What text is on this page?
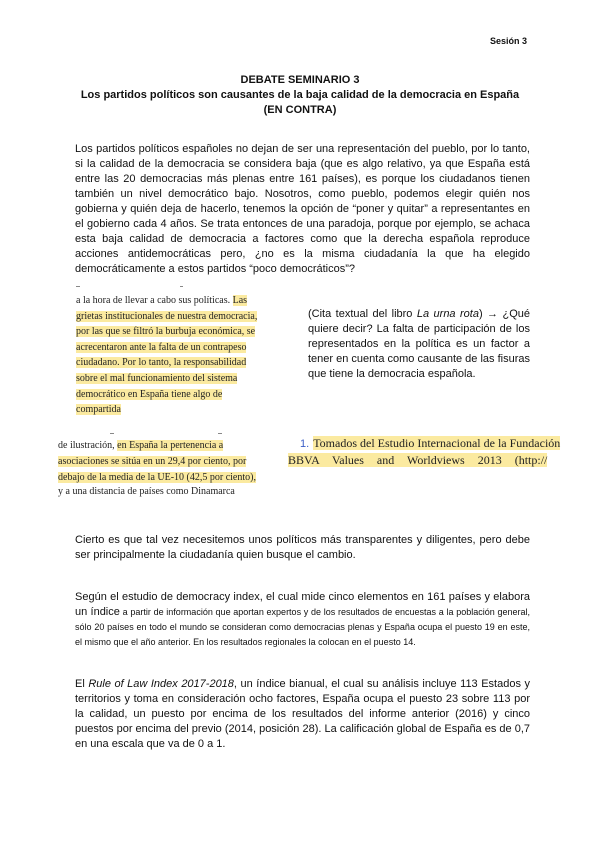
Sesión 3
DEBATE SEMINARIO 3
Los partidos políticos son causantes de la baja calidad de la democracia en España
(EN CONTRA)
Los partidos políticos españoles no dejan de ser una representación del pueblo, por lo tanto, si la calidad de la democracia se considera baja (que es algo relativo, ya que España está entre las 20 democracias más plenas entre 161 países), es porque los ciudadanos tienen también un nivel democrático bajo. Nosotros, como pueblo, podemos elegir quién nos gobierna y quién deja de hacerlo, tenemos la opción de “poner y quitar” a representantes en el gobierno cada 4 años. Se trata entonces de una paradoja, porque por ejemplo, se achaca esta baja calidad de democracia a factores como que la derecha española reproduce acciones antidemocráticas pero, ¿no es la misma ciudadanía la que ha elegido democráticamente a estos partidos “poco democráticos”?
a la hora de llevar a cabo sus políticas. Las
grietas institucionales de nuestra democracia,
por las que se filtró la burbuja económica, se
acrecentaron ante la falta de un contrapeso
ciudadano. Por lo tanto, la responsabilidad
sobre el mal funcionamiento del sistema
democrático en España tiene algo de
compartida
(Cita textual del libro La urna rota) → ¿Qué quiere decir? La falta de participación de los representados en la política es un factor a tener en cuenta como causante de las fisuras que tiene la democracia española.
de ilustración, en España la pertenencia a
asociaciones se sitúa en un 29,4 por ciento, por
debajo de la media de la UE-10 (42,5 por ciento),
y a una distancia de países como Dinamarca
1. Tomados del Estudio Internacional de la Fundación
BBVA Values and Worldviews 2013 (http://
Cierto es que tal vez necesitemos unos políticos más transparentes y diligentes, pero debe ser principalmente la ciudadanía quien busque el cambio.
Según el estudio de democracy index, el cual mide cinco elementos en 161 países y elabora un índice a partir de información que aportan expertos y de los resultados de encuestas a la población general, sólo 20 países en todo el mundo se consideran como democracias plenas y España ocupa el puesto 19 en este, el mismo que el año anterior. En los resultados regionales la colocan en el puesto 14.
El Rule of Law Index 2017-2018, un índice bianual, el cual su análisis incluye 113 Estados y territorios y toma en consideración ocho factores, España ocupa el puesto 23 sobre 113 por la calidad, un puesto por encima de los resultados del informe anterior (2016) y cinco puestos por encima del previo (2014, posición 28). La calificación global de España es de 0,7 en una escala que va de 0 a 1.
